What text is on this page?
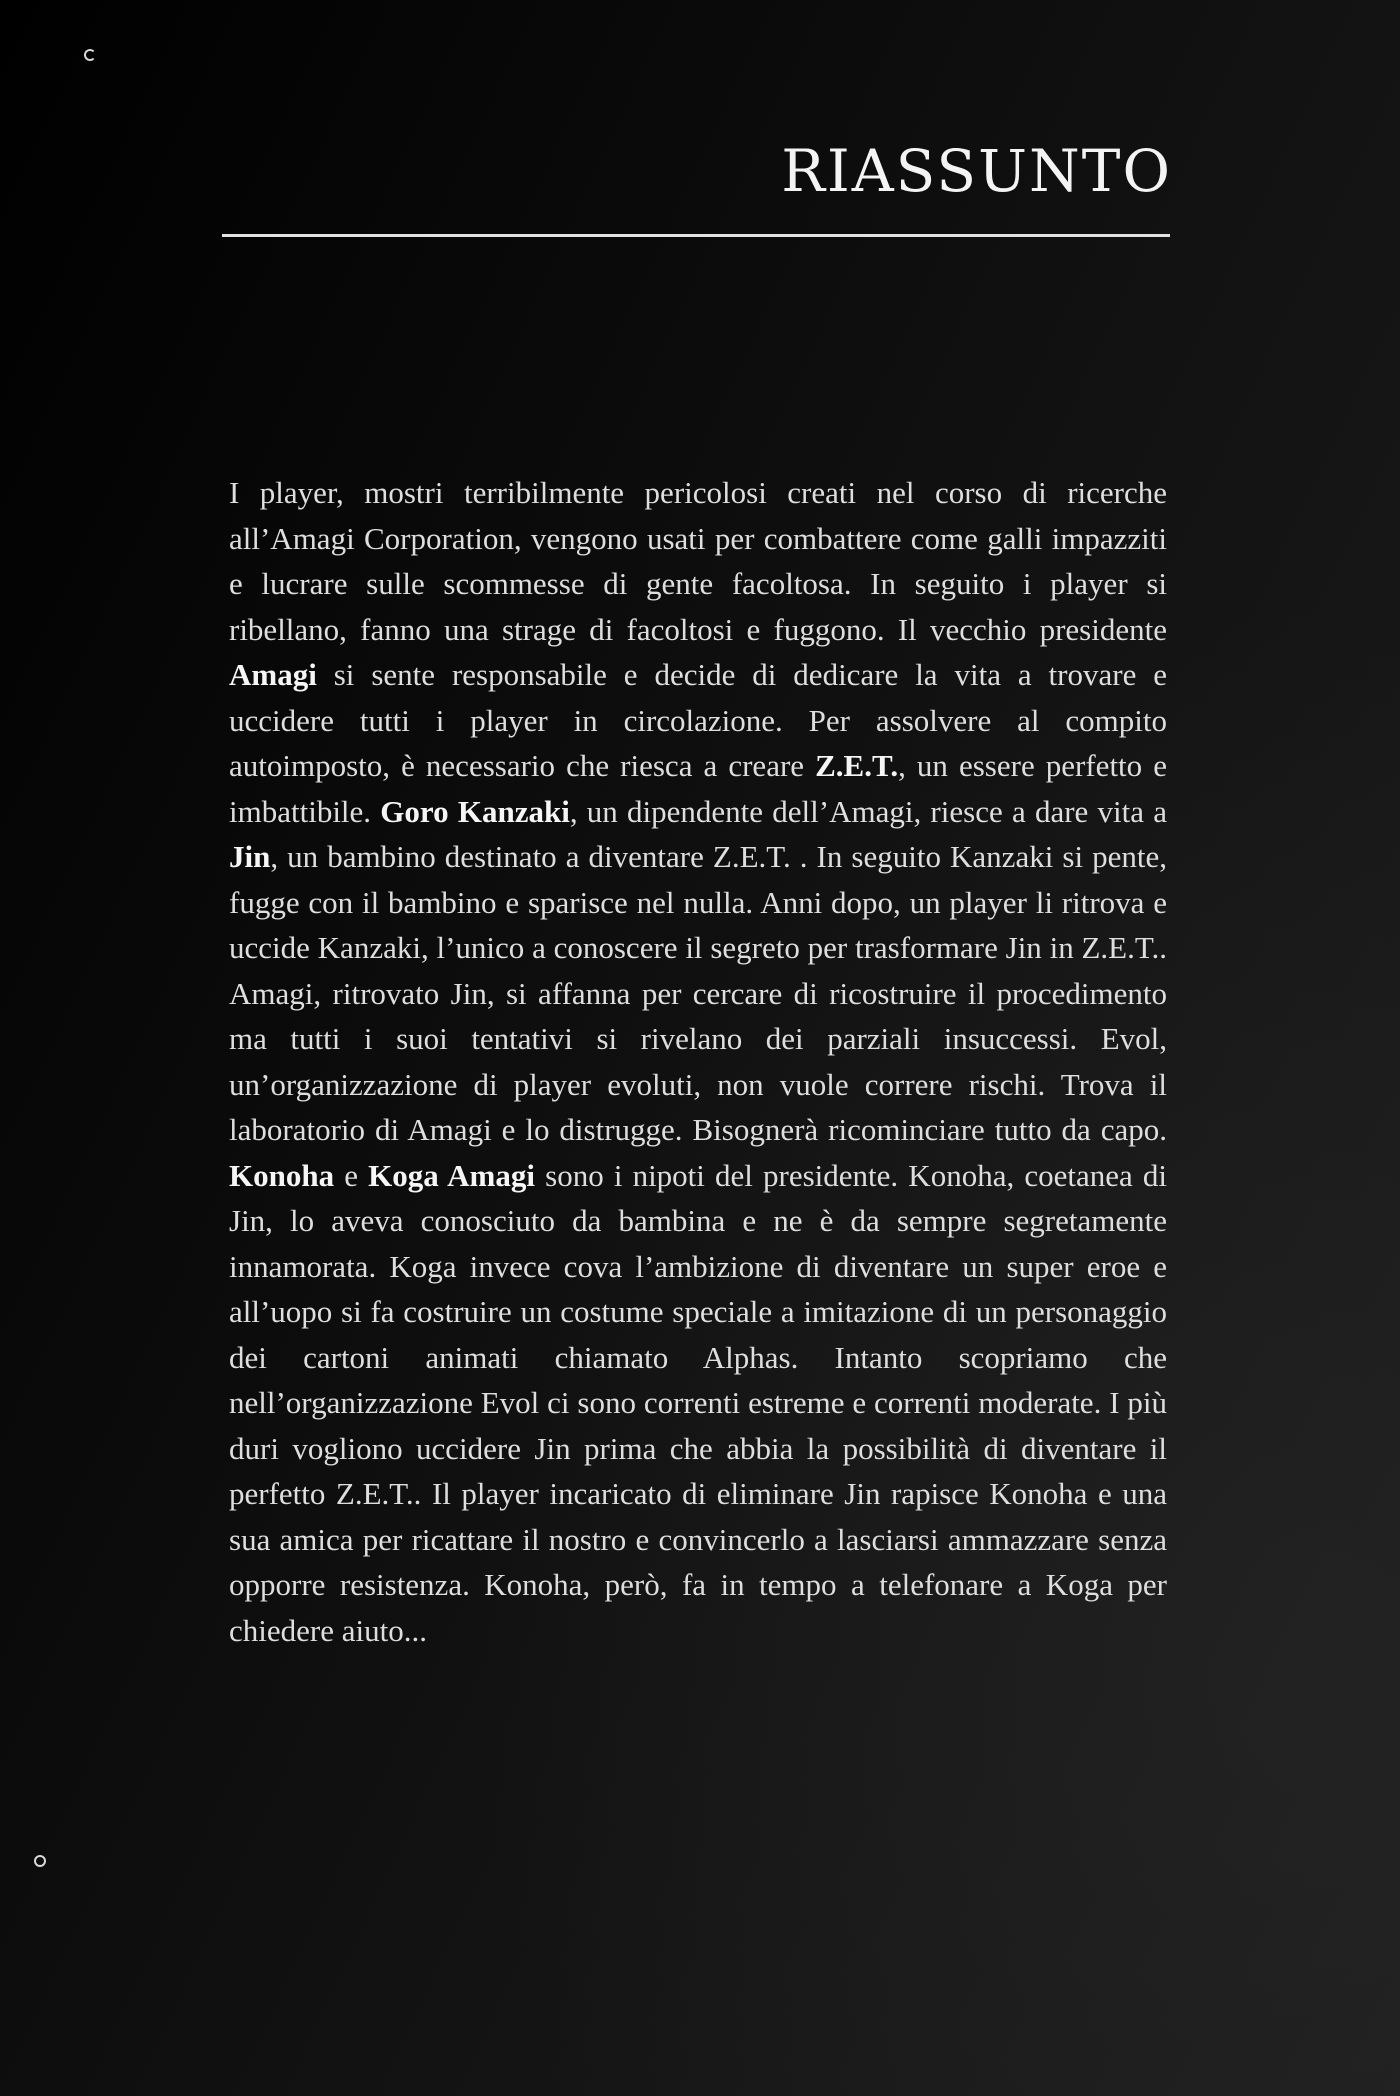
RIASSUNTO

I player, mostri terribilmente pericolosi creati nel corso di ricerche all’Amagi Corporation, vengono usati per combattere come galli impazziti e lucrare sulle scommesse di gente facoltosa. In seguito i player si ribellano, fanno una strage di facoltosi e fuggono. Il vecchio presidente Amagi si sente responsabile e decide di dedicare la vita a trovare e uccidere tutti i player in circolazione. Per assolvere al compito autoimposto, è necessario che riesca a creare Z.E.T., un essere perfetto e imbattibile. Goro Kanzaki, un dipendente dell’Amagi, riesce a dare vita a Jin, un bambino destinato a diventare Z.E.T. . In seguito Kanzaki si pente, fugge con il bambino e sparisce nel nulla. Anni dopo, un player li ritrova e uccide Kanzaki, l’unico a conoscere il segreto per trasformare Jin in Z.E.T.. Amagi, ritrovato Jin, si affanna per cercare di ricostruire il procedimento ma tutti i suoi tentativi si rivelano dei parziali insuccessi. Evol, un’organizzazione di player evoluti, non vuole correre rischi. Trova il laboratorio di Amagi e lo distrugge. Bisognerà ricominciare tutto da capo. Konoha e Koga Amagi sono i nipoti del presidente. Konoha, coetanea di Jin, lo aveva conosciuto da bambina e ne è da sempre segretamente innamorata. Koga invece cova l’ambizione di diventare un super eroe e all’uopo si fa costruire un costume speciale a imitazione di un personaggio dei cartoni animati chiamato Alphas. Intanto scopriamo che nell’organizzazione Evol ci sono correnti estreme e correnti moderate. I più duri vogliono uccidere Jin prima che abbia la possibilità di diventare il perfetto Z.E.T.. Il player incaricato di eliminare Jin rapisce Konoha e una sua amica per ricattare il nostro e convincerlo a lasciarsi ammazzare senza opporre resistenza. Konoha, però, fa in tempo a telefonare a Koga per chiedere aiuto...
